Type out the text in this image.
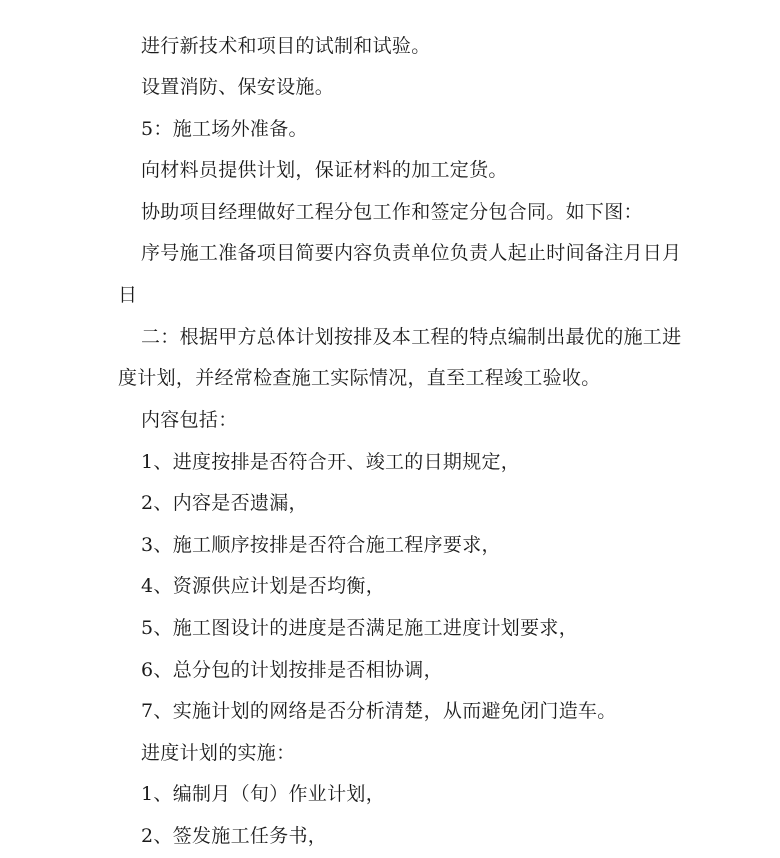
进行新技术和项目的试制和试验。
设置消防、保安设施。
5：施工场外准备。
向材料员提供计划，保证材料的加工定货。
协助项目经理做好工程分包工作和签定分包合同。如下图：
序号施工准备项目简要内容负责单位负责人起止时间备注月日月
日
二：根据甲方总体计划按排及本工程的特点编制出最优的施工进
度计划，并经常检查施工实际情况，直至工程竣工验收。
内容包括：
1、进度按排是否符合开、竣工的日期规定，
2、内容是否遗漏，
3、施工顺序按排是否符合施工程序要求，
4、资源供应计划是否均衡，
5、施工图设计的进度是否满足施工进度计划要求，
6、总分包的计划按排是否相协调，
7、实施计划的网络是否分析清楚，从而避免闭门造车。
进度计划的实施：
1、编制月（旬）作业计划，
2、签发施工任务书，
